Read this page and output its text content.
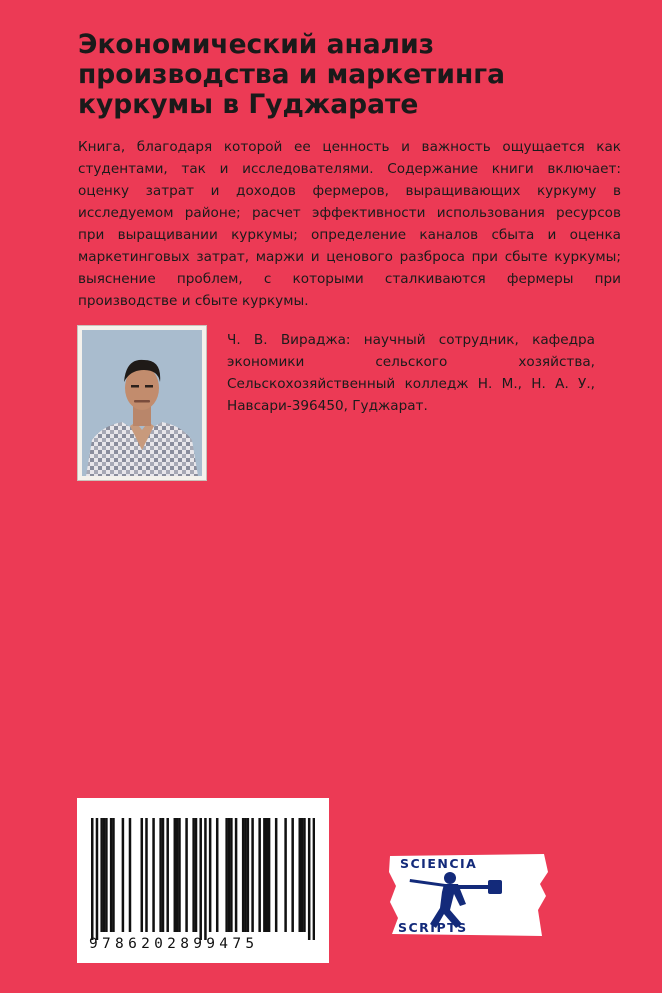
Экономический анализ
производства и маркетинга
куркумы в Гуджарате

Книга, благодаря которой ее ценность и важность ощущается как
студентами, так и исследователями. Содержание книги включает:
оценку затрат и доходов фермеров, выращивающих куркуму в
исследуемом районе; расчет эффективности использования ресурсов
при выращивании куркумы; определение каналов сбыта и оценка
маркетинговых затрат, маржи и ценового разброса при сбыте куркумы;
выяснение проблем, с которыми сталкиваются фермеры при
производстве и сбыте куркумы.

Ч. В. Вираджа: научный сотрудник, кафедра
экономики сельского хозяйства,
Сельскохозяйственный колледж Н. М., Н. А. У.,
Навсари-396450, Гуджарат.

9786202899475
SCIENCIA
SCRIPTS
